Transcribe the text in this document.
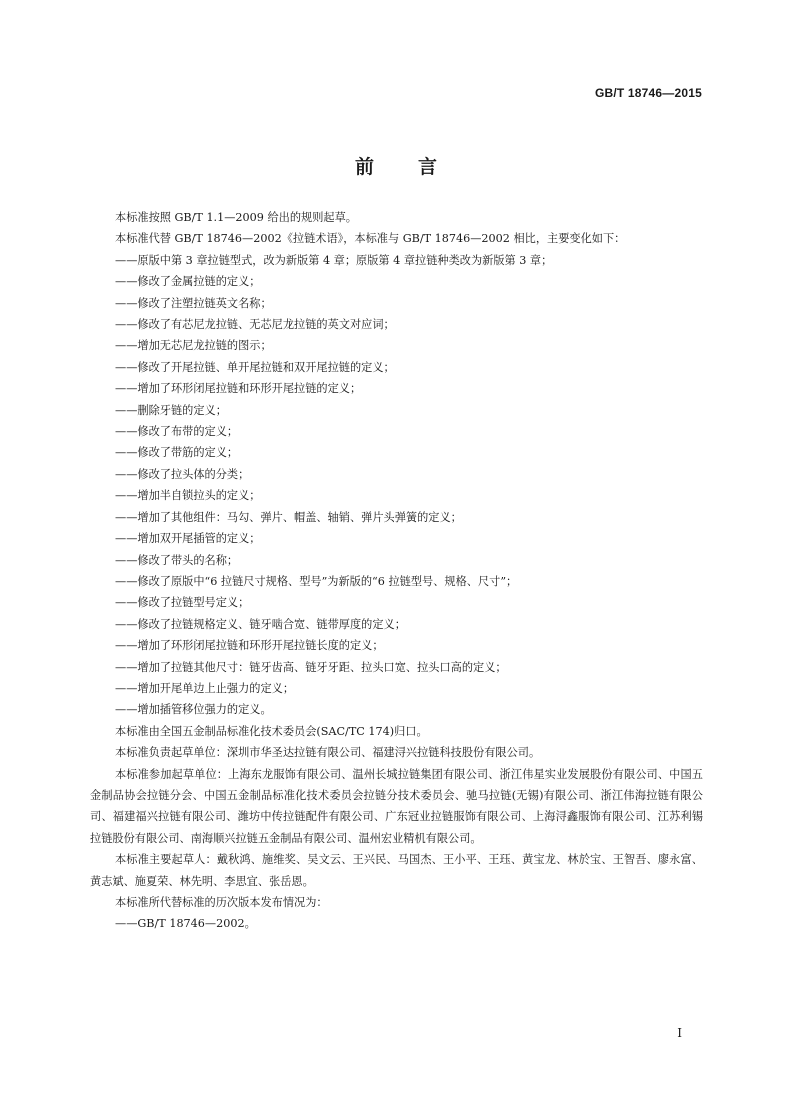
GB/T 18746—2015
前言
本标准按照 GB/T 1.1—2009 给出的规则起草。
本标准代替 GB/T 18746—2002《拉链术语》，本标准与 GB/T 18746—2002 相比，主要变化如下：
——原版中第 3 章拉链型式，改为新版第 4 章；原版第 4 章拉链种类改为新版第 3 章；
——修改了金属拉链的定义；
——修改了注塑拉链英文名称；
——修改了有芯尼龙拉链、无芯尼龙拉链的英文对应词；
——增加无芯尼龙拉链的图示；
——修改了开尾拉链、单开尾拉链和双开尾拉链的定义；
——增加了环形闭尾拉链和环形开尾拉链的定义；
——删除牙链的定义；
——修改了布带的定义；
——修改了带筋的定义；
——修改了拉头体的分类；
——增加半自锁拉头的定义；
——增加了其他组件：马勾、弹片、帽盖、轴销、弹片头弹簧的定义；
——增加双开尾插管的定义；
——修改了带头的名称；
——修改了原版中“6 拉链尺寸规格、型号”为新版的“6 拉链型号、规格、尺寸”；
——修改了拉链型号定义；
——修改了拉链规格定义、链牙啮合宽、链带厚度的定义；
——增加了环形闭尾拉链和环形开尾拉链长度的定义；
——增加了拉链其他尺寸：链牙齿高、链牙牙距、拉头口宽、拉头口高的定义；
——增加开尾单边上止强力的定义；
——增加插管移位强力的定义。
本标准由全国五金制品标准化技术委员会(SAC/TC 174)归口。
本标准负责起草单位：深圳市华圣达拉链有限公司、福建浔兴拉链科技股份有限公司。
本标准参加起草单位：上海东龙服饰有限公司、温州长城拉链集团有限公司、浙江伟星实业发展股份有限公司、中国五金制品协会拉链分会、中国五金制品标准化技术委员会拉链分技术委员会、驰马拉链(无锡)有限公司、浙江伟海拉链有限公司、福建福兴拉链有限公司、潍坊中传拉链配件有限公司、广东冠业拉链服饰有限公司、上海浔鑫服饰有限公司、江苏利锡拉链股份有限公司、南海顺兴拉链五金制品有限公司、温州宏业精机有限公司。
本标准主要起草人：戴秋鸿、施维奖、吴文云、王兴民、马国杰、王小平、王珏、黄宝龙、林於宝、王智吾、廖永富、黄志斌、施夏荣、林先明、李思宜、张岳恩。
本标准所代替标准的历次版本发布情况为：
——GB/T 18746—2002。
I
